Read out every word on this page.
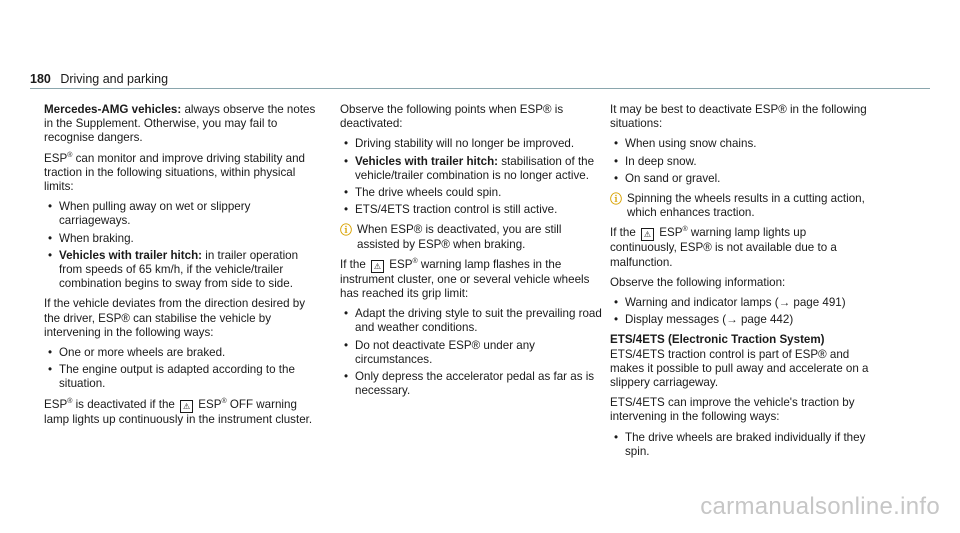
180 Driving and parking

Mercedes-AMG vehicles: always observe the notes in the Supplement. Otherwise, you may fail to recognise dangers.

ESP® can monitor and improve driving stability and traction in the following situations, within physical limits:

• When pulling away on wet or slippery carriageways.
• When braking.
• Vehicles with trailer hitch: in trailer operation from speeds of 65 km/h, if the vehicle/trailer combination begins to sway from side to side.

If the vehicle deviates from the direction desired by the driver, ESP® can stabilise the vehicle by intervening in the following ways:

• One or more wheels are braked.
• The engine output is adapted according to the situation.

ESP® is deactivated if the ⚠ ESP® OFF warning lamp lights up continuously in the instrument cluster.

Observe the following points when ESP® is deactivated:

• Driving stability will no longer be improved.
• Vehicles with trailer hitch: stabilisation of the vehicle/trailer combination is no longer active.
• The drive wheels could spin.
• ETS/4ETS traction control is still active.
ⓘ When ESP® is deactivated, you are still assisted by ESP® when braking.

If the ⚠ ESP® warning lamp flashes in the instrument cluster, one or several vehicle wheels has reached its grip limit:

• Adapt the driving style to suit the prevailing road and weather conditions.
• Do not deactivate ESP® under any circumstances.
• Only depress the accelerator pedal as far as is necessary.

It may be best to deactivate ESP® in the following situations:

• When using snow chains.
• In deep snow.
• On sand or gravel.
ⓘ Spinning the wheels results in a cutting action, which enhances traction.

If the ⚠ ESP® warning lamp lights up continuously, ESP® is not available due to a malfunction.

Observe the following information:

• Warning and indicator lamps (→ page 491)
• Display messages (→ page 442)

ETS/4ETS (Electronic Traction System)

ETS/4ETS traction control is part of ESP® and makes it possible to pull away and accelerate on a slippery carriageway.

ETS/4ETS can improve the vehicle's traction by intervening in the following ways:

• The drive wheels are braked individually if they spin.
carmanualsonline.info
